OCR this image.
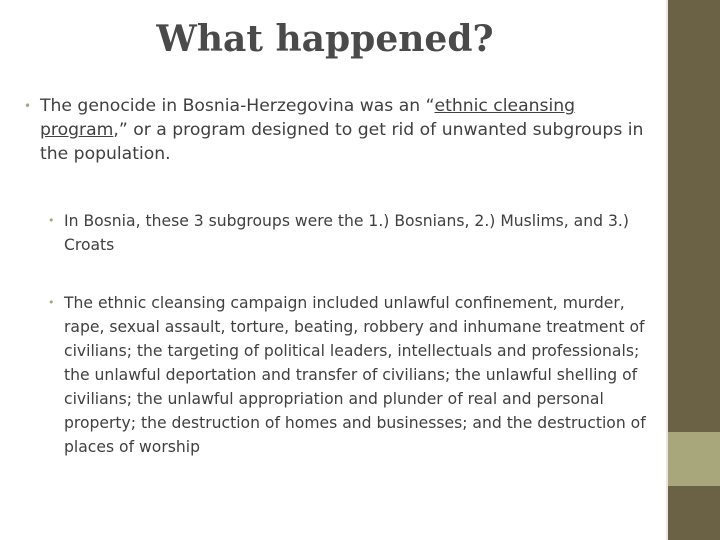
What happened?
• The genocide in Bosnia-Herzegovina was an “ethnic cleansing program,” or a program designed to get rid of unwanted subgroups in the population.
• In Bosnia, these 3 subgroups were the 1.) Bosnians, 2.) Muslims, and 3.) Croats
• The ethnic cleansing campaign included unlawful confinement, murder, rape, sexual assault, torture, beating, robbery and inhumane treatment of civilians; the targeting of political leaders, intellectuals and professionals; the unlawful deportation and transfer of civilians; the unlawful shelling of civilians; the unlawful appropriation and plunder of real and personal property; the destruction of homes and businesses; and the destruction of places of worship
